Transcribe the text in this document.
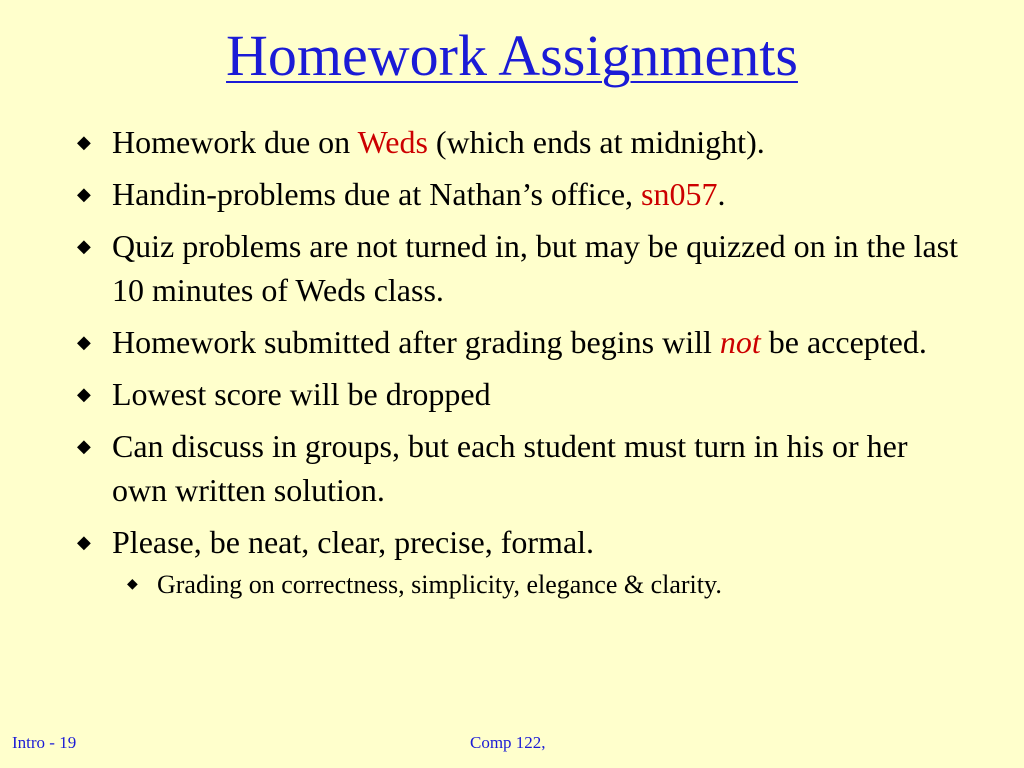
Homework Assignments
◆ Homework due on Weds (which ends at midnight).
◆ Handin-problems due at Nathan’s office, sn057.
◆ Quiz problems are not turned in, but may be quizzed on in the last 10 minutes of Weds class.
◆ Homework submitted after grading begins will not be accepted.
◆ Lowest score will be dropped
◆ Can discuss in groups, but each student must turn in his or her own written solution.
◆ Please, be neat, clear, precise, formal.
◆ Grading on correctness, simplicity, elegance & clarity.
Intro - 19	Comp 122,
